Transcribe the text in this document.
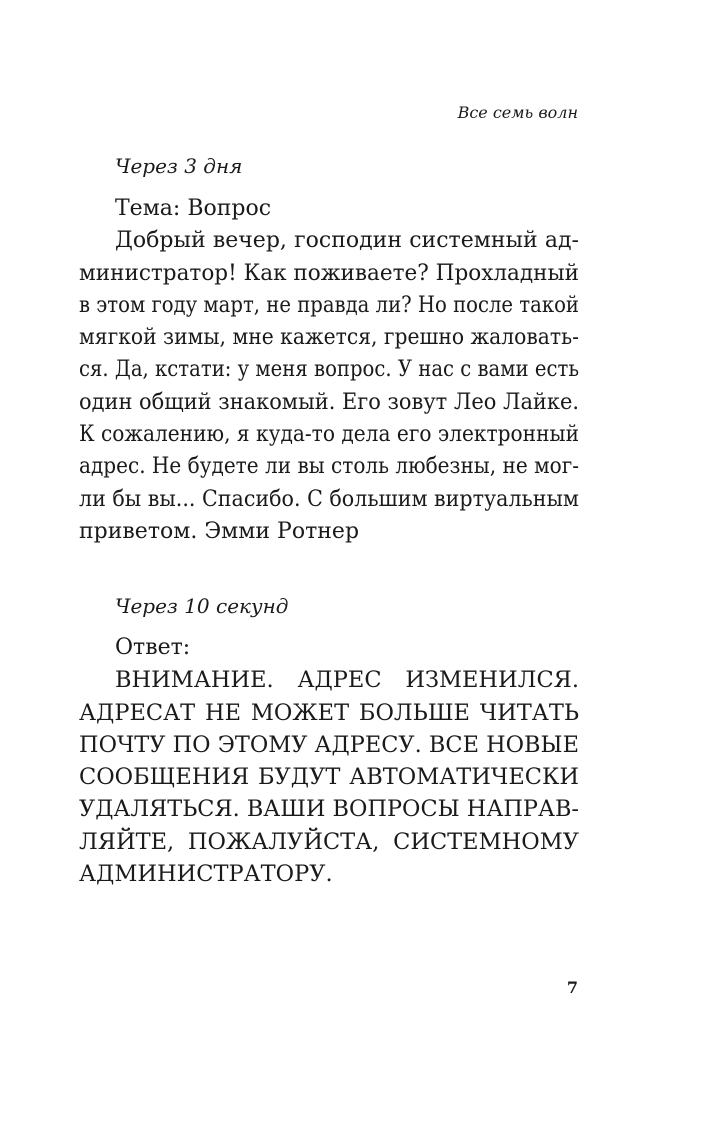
Все семь волн
Через 3 дня
Тема: Вопрос
Добрый вечер, господин системный ад-
министратор! Как поживаете? Прохладный
в этом году март, не правда ли? Но после такой
мягкой зимы, мне кажется, грешно жаловать-
ся. Да, кстати: у меня вопрос. У нас с вами есть
один общий знакомый. Его зовут Лео Лайке.
К сожалению, я куда-то дела его электронный
адрес. Не будете ли вы столь любезны, не мог-
ли бы вы... Спасибо. С большим виртуальным
приветом. Эмми Ротнер
Через 10 секунд
Ответ:
ВНИМАНИЕ. АДРЕС ИЗМЕНИЛСЯ.
АДРЕСАТ НЕ МОЖЕТ БОЛЬШЕ ЧИТАТЬ
ПОЧТУ ПО ЭТОМУ АДРЕСУ. ВСЕ НОВЫЕ
СООБЩЕНИЯ БУДУТ АВТОМАТИЧЕСКИ
УДАЛЯТЬСЯ. ВАШИ ВОПРОСЫ НАПРАВ-
ЛЯЙТЕ, ПОЖАЛУЙСТА, СИСТЕМНОМУ
АДМИНИСТРАТОРУ.
7
